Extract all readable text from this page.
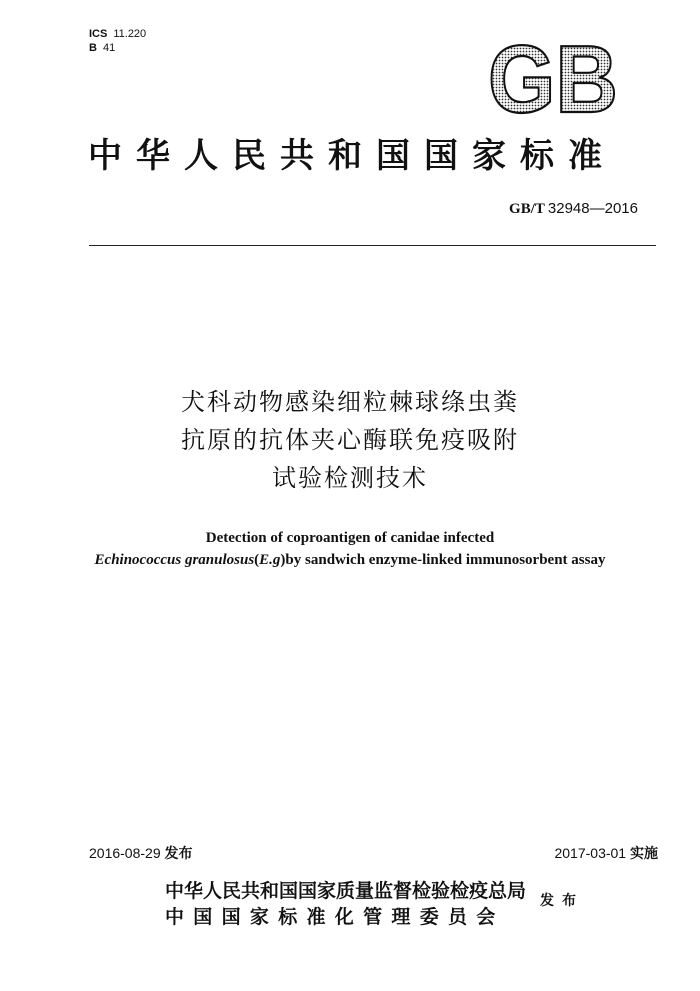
ICS 11.220
B 41	GB
中华人民共和国国家标准
GB/T 32948—2016
犬科动物感染细粒棘球绦虫粪
抗原的抗体夹心酶联免疫吸附
试验检测技术
Detection of coproantigen of canidae infected
Echinococcus granulosus(E.g)by sandwich enzyme-linked immunosorbent assay
2016-08-29 发布	2017-03-01 实施
中华人民共和国国家质量监督检验检疫总局
中国国家标准化管理委员会
发布
